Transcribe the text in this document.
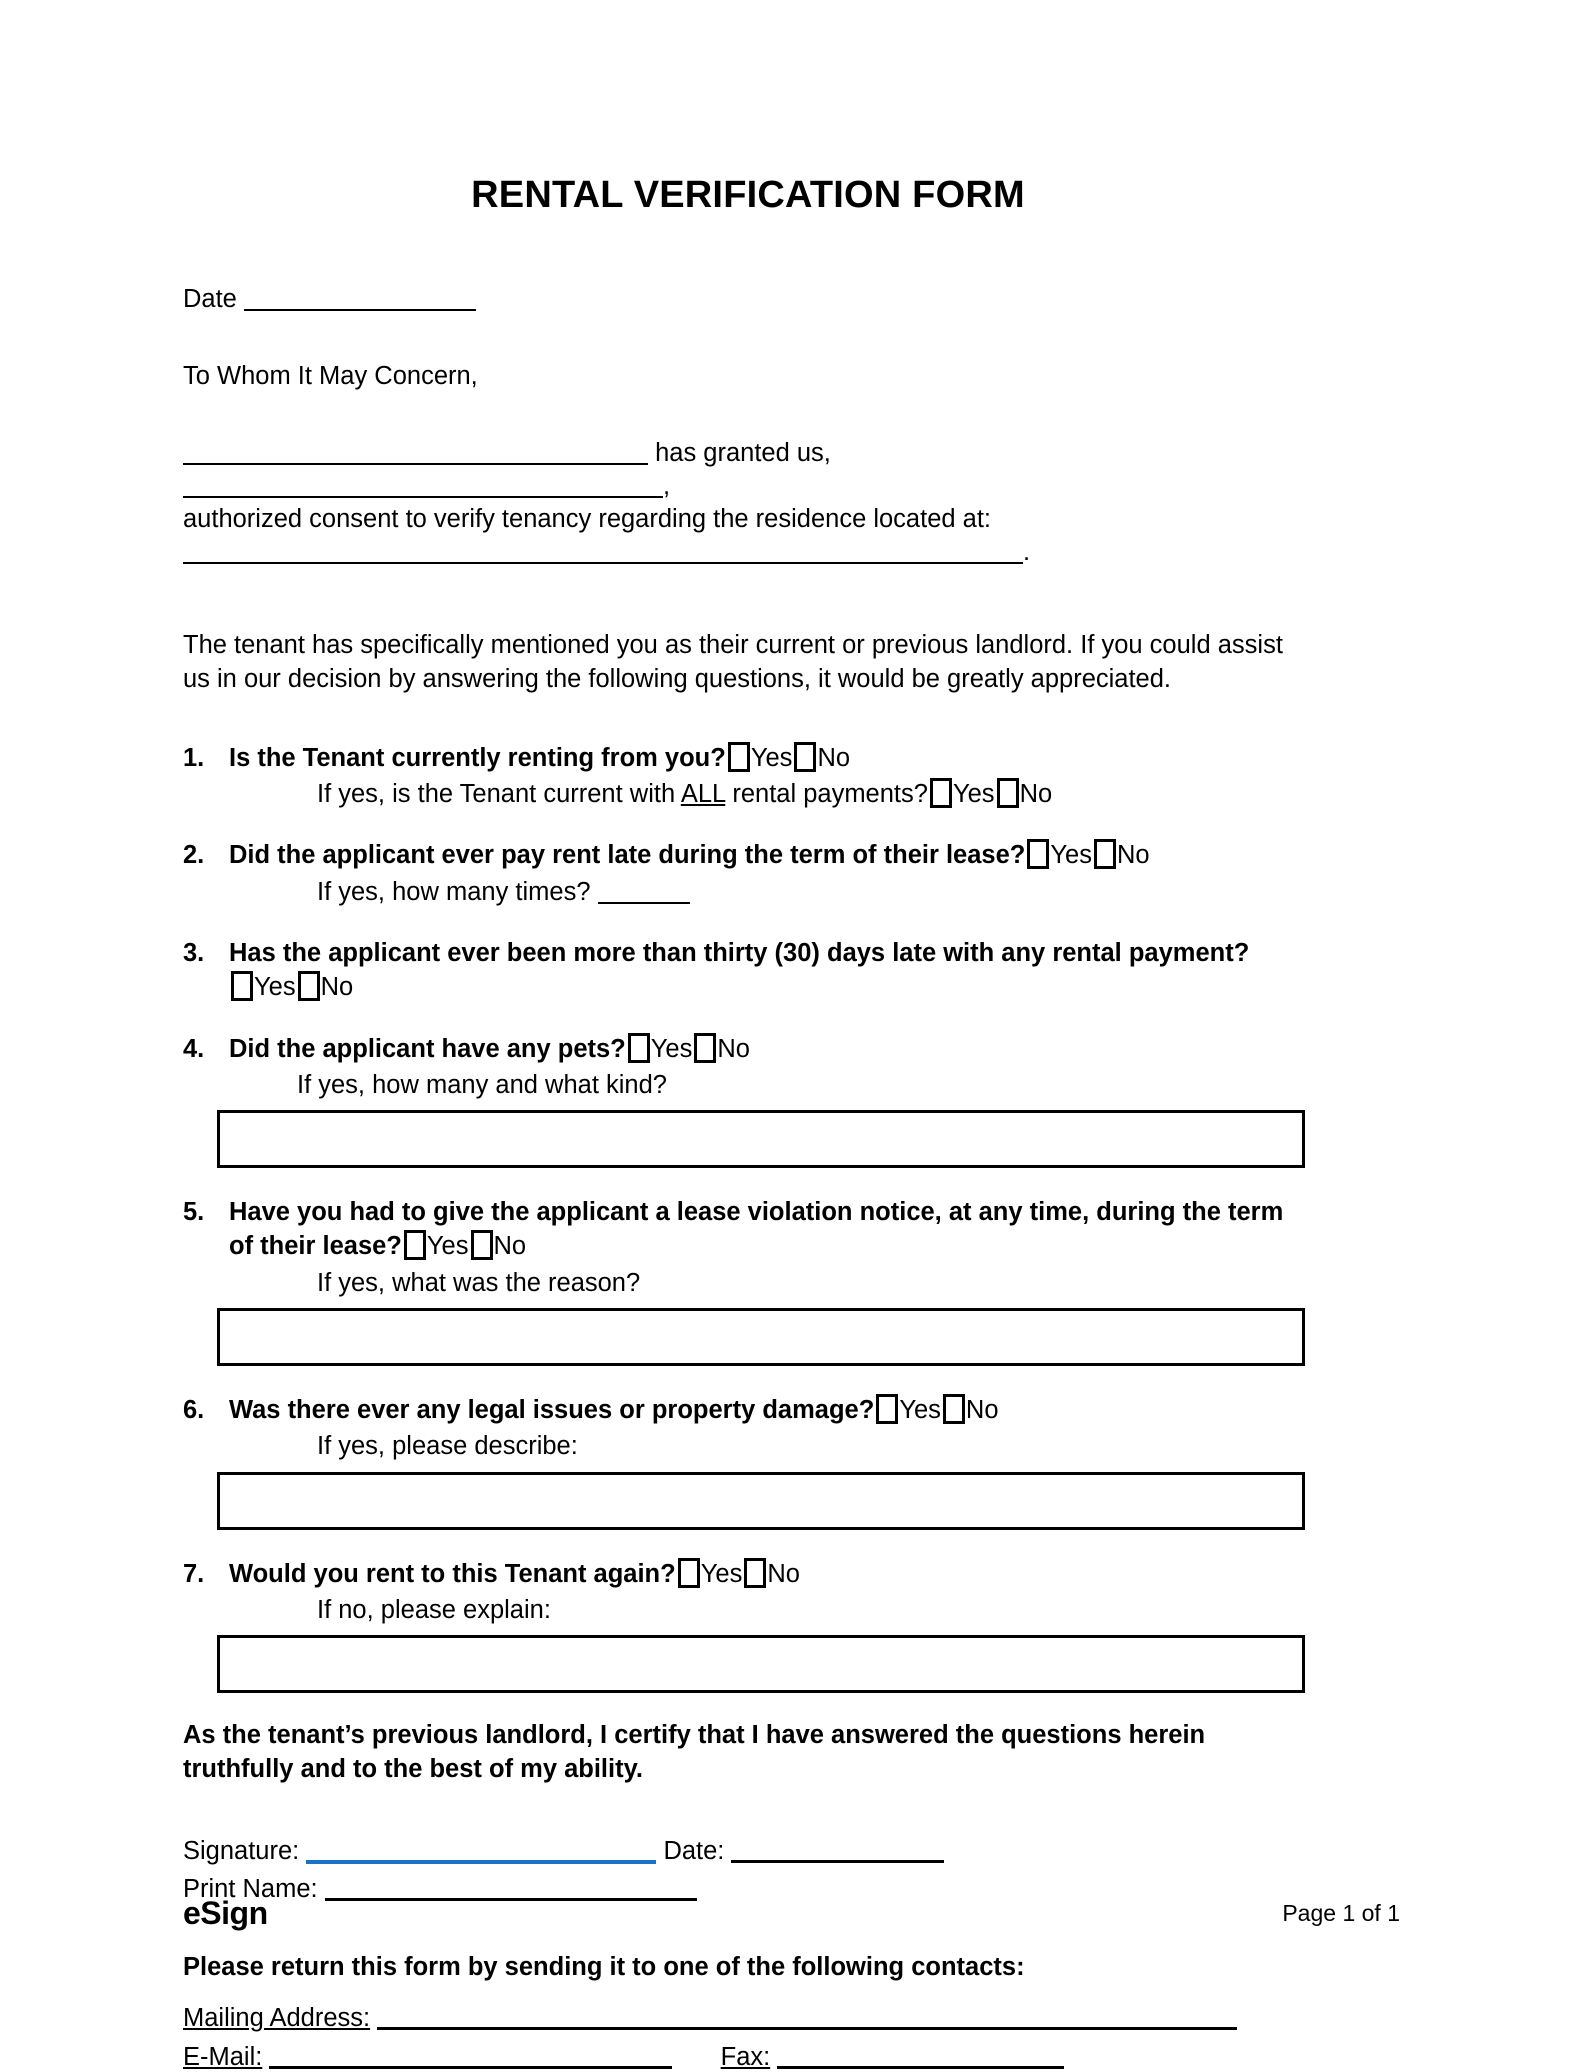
RENTAL VERIFICATION FORM
Date
To Whom It May Concern,
has granted us, ,
authorized consent to verify tenancy regarding the residence located at:
.
The tenant has specifically mentioned you as their current or previous landlord. If you could assist us in our decision by answering the following questions, it would be greatly appreciated.
1. Is the Tenant currently renting from you? Yes No
If yes, is the Tenant current with ALL rental payments? Yes No
2. Did the applicant ever pay rent late during the term of their lease? Yes No
If yes, how many times?
3. Has the applicant ever been more than thirty (30) days late with any rental payment?
Yes No
4. Did the applicant have any pets? Yes No
If yes, how many and what kind?
5. Have you had to give the applicant a lease violation notice, at any time, during the term of their lease? Yes No
If yes, what was the reason?
6. Was there ever any legal issues or property damage? Yes No
If yes, please describe:
7. Would you rent to this Tenant again? Yes No
If no, please explain:
As the tenant’s previous landlord, I certify that I have answered the questions herein truthfully and to the best of my ability.
Signature:	Date:
Print Name:
Please return this form by sending it to one of the following contacts:
Mailing Address:
E-Mail:	Fax:
eSign	Page 1 of 1
